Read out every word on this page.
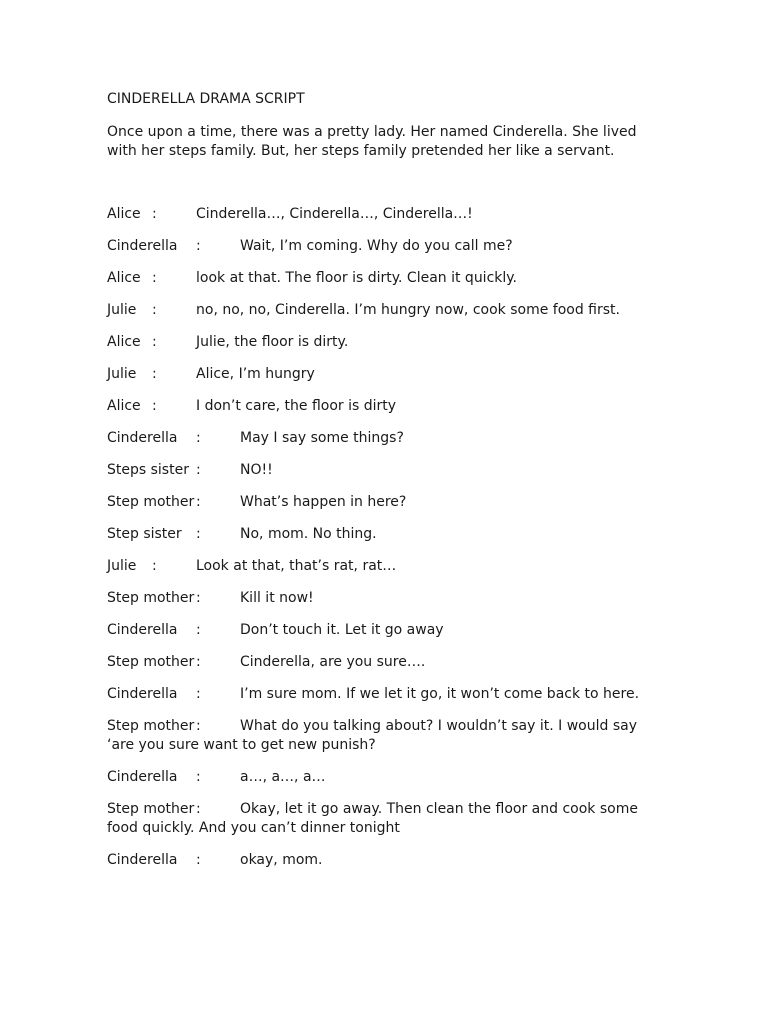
CINDERELLA DRAMA SCRIPT
Once upon a time, there was a pretty lady. Her named Cinderella. She lived
with her steps family. But, her steps family pretended her like a servant.
Alice :	Cinderella…, Cinderella…, Cinderella…!
Cinderella :	Wait, I’m coming. Why do you call me?
Alice :	look at that. The floor is dirty. Clean it quickly.
Julie :	no, no, no, Cinderella. I’m hungry now, cook some food first.
Alice :	Julie, the floor is dirty.
Julie :	Alice, I’m hungry
Alice :	I don’t care, the floor is dirty
Cinderella :	May I say some things?
Steps sister :	NO!!
Step mother :	What’s happen in here?
Step sister :	No, mom. No thing.
Julie :	Look at that, that’s rat, rat…
Step mother :	Kill it now!
Cinderella :	Don’t touch it. Let it go away
Step mother :	Cinderella, are you sure….
Cinderella :	I’m sure mom. If we let it go, it won’t come back to here.
Step mother :	What do you talking about? I wouldn’t say it. I would say
‘are you sure want to get new punish?
Cinderella :	a…, a…, a…
Step mother :	Okay, let it go away. Then clean the floor and cook some
food quickly. And you can’t dinner tonight
Cinderella :	okay, mom.
